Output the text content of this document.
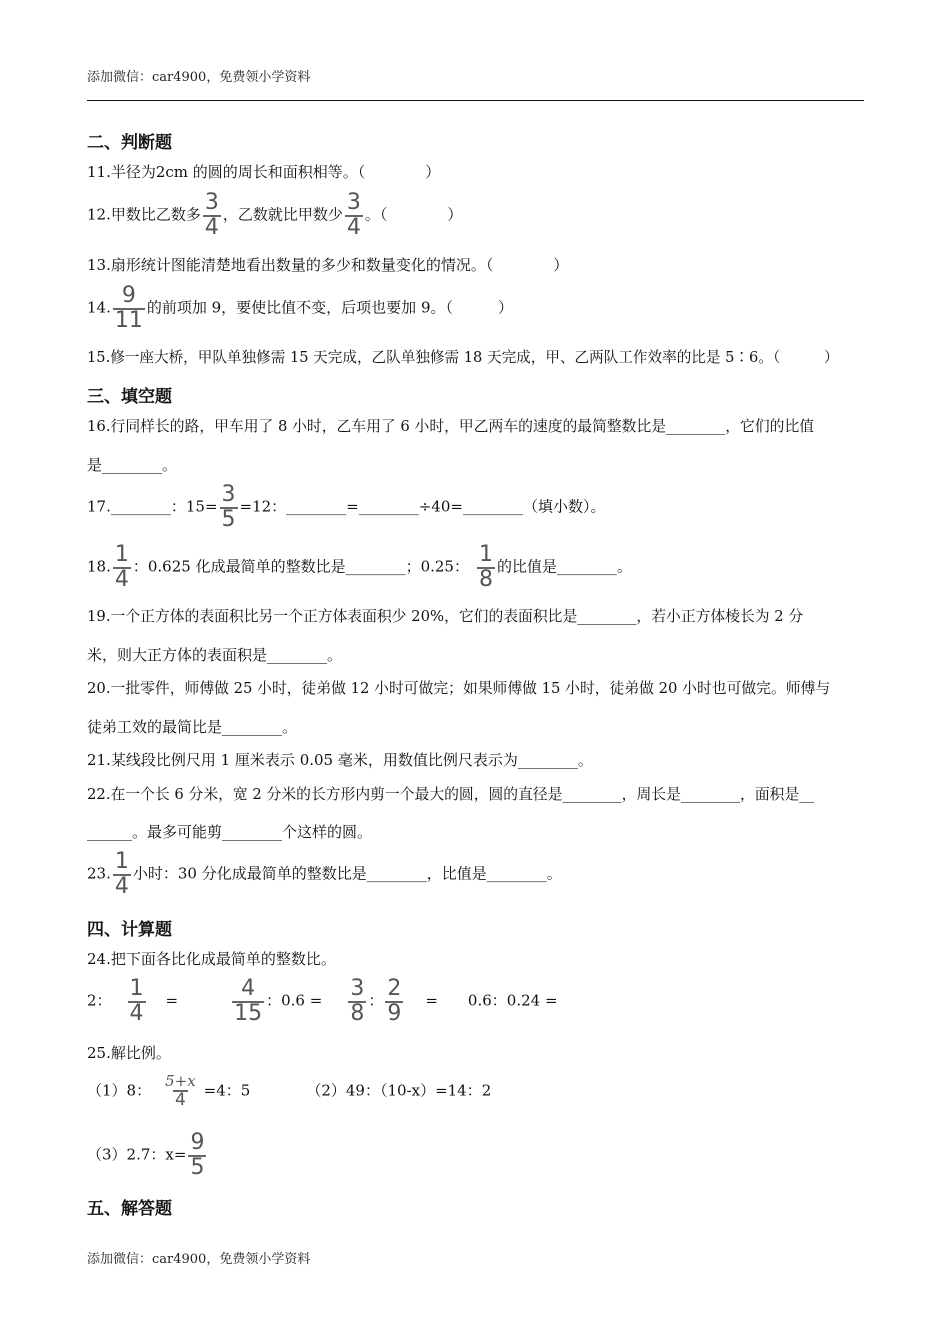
添加微信：car4900，免费领小学资料
二、判断题
11.半径为2cm 的圆的周长和面积相等。（　　　　）
12.甲数比乙数多 $\frac{3}{4}$ ，乙数就比甲数少 $\frac{3}{4}$ 。（　　　　）
13.扇形统计图能清楚地看出数量的多少和数量变化的情况。（　　　　）
14. $\frac{9}{11}$ 的前项加 9，要使比值不变，后项也要加 9。（　　　）
15.修一座大桥，甲队单独修需 15 天完成，乙队单独修需 18 天完成，甲、乙两队工作效率的比是 5∶6。（　　　）
三、填空题
16.行同样长的路，甲车用了 8 小时，乙车用了 6 小时，甲乙两车的速度的最简整数比是________，它们的比值
是________。
17.________：$15= \frac{3}{5} =12$：________=________÷40=________（填小数）。
18. $\frac{1}{4}$ ：0.625 化成最简单的整数比是________；0.25： $\frac{1}{8}$ 的比值是________。
19.一个正方体的表面积比另一个正方体表面积少 20%，它们的表面积比是________，若小正方体棱长为 2 分
米，则大正方体的表面积是________。
20.一批零件，师傅做 25 小时，徒弟做 12 小时可做完；如果师傅做 15 小时，徒弟做 20 小时也可做完。师傅与
徒弟工效的最简比是________。
21.某线段比例尺用 1 厘米表示 0.05 毫米，用数值比例尺表示为________。
22.在一个长 6 分米，宽 2 分米的长方形内剪一个最大的圆，圆的直径是________，周长是________，面积是__
______。最多可能剪________个这样的圆。
23. $\frac{1}{4}$ 小时：30 分化成最简单的整数比是________，比值是________。
四、计算题
24.把下面各比化成最简单的整数比。
2： $\frac{1}{4} = \frac{4}{15}$ ：$0.6 = \frac{3}{8}$ ： $\frac{2}{9} = 0.6$：0.24 =
25.解比例。
（1）8： $\frac{5+x}{4} =4$：5	（2）49：（10-x）=14：2
（3）2.7：$x= \frac{9}{5}$
五、解答题
添加微信：car4900，免费领小学资料
